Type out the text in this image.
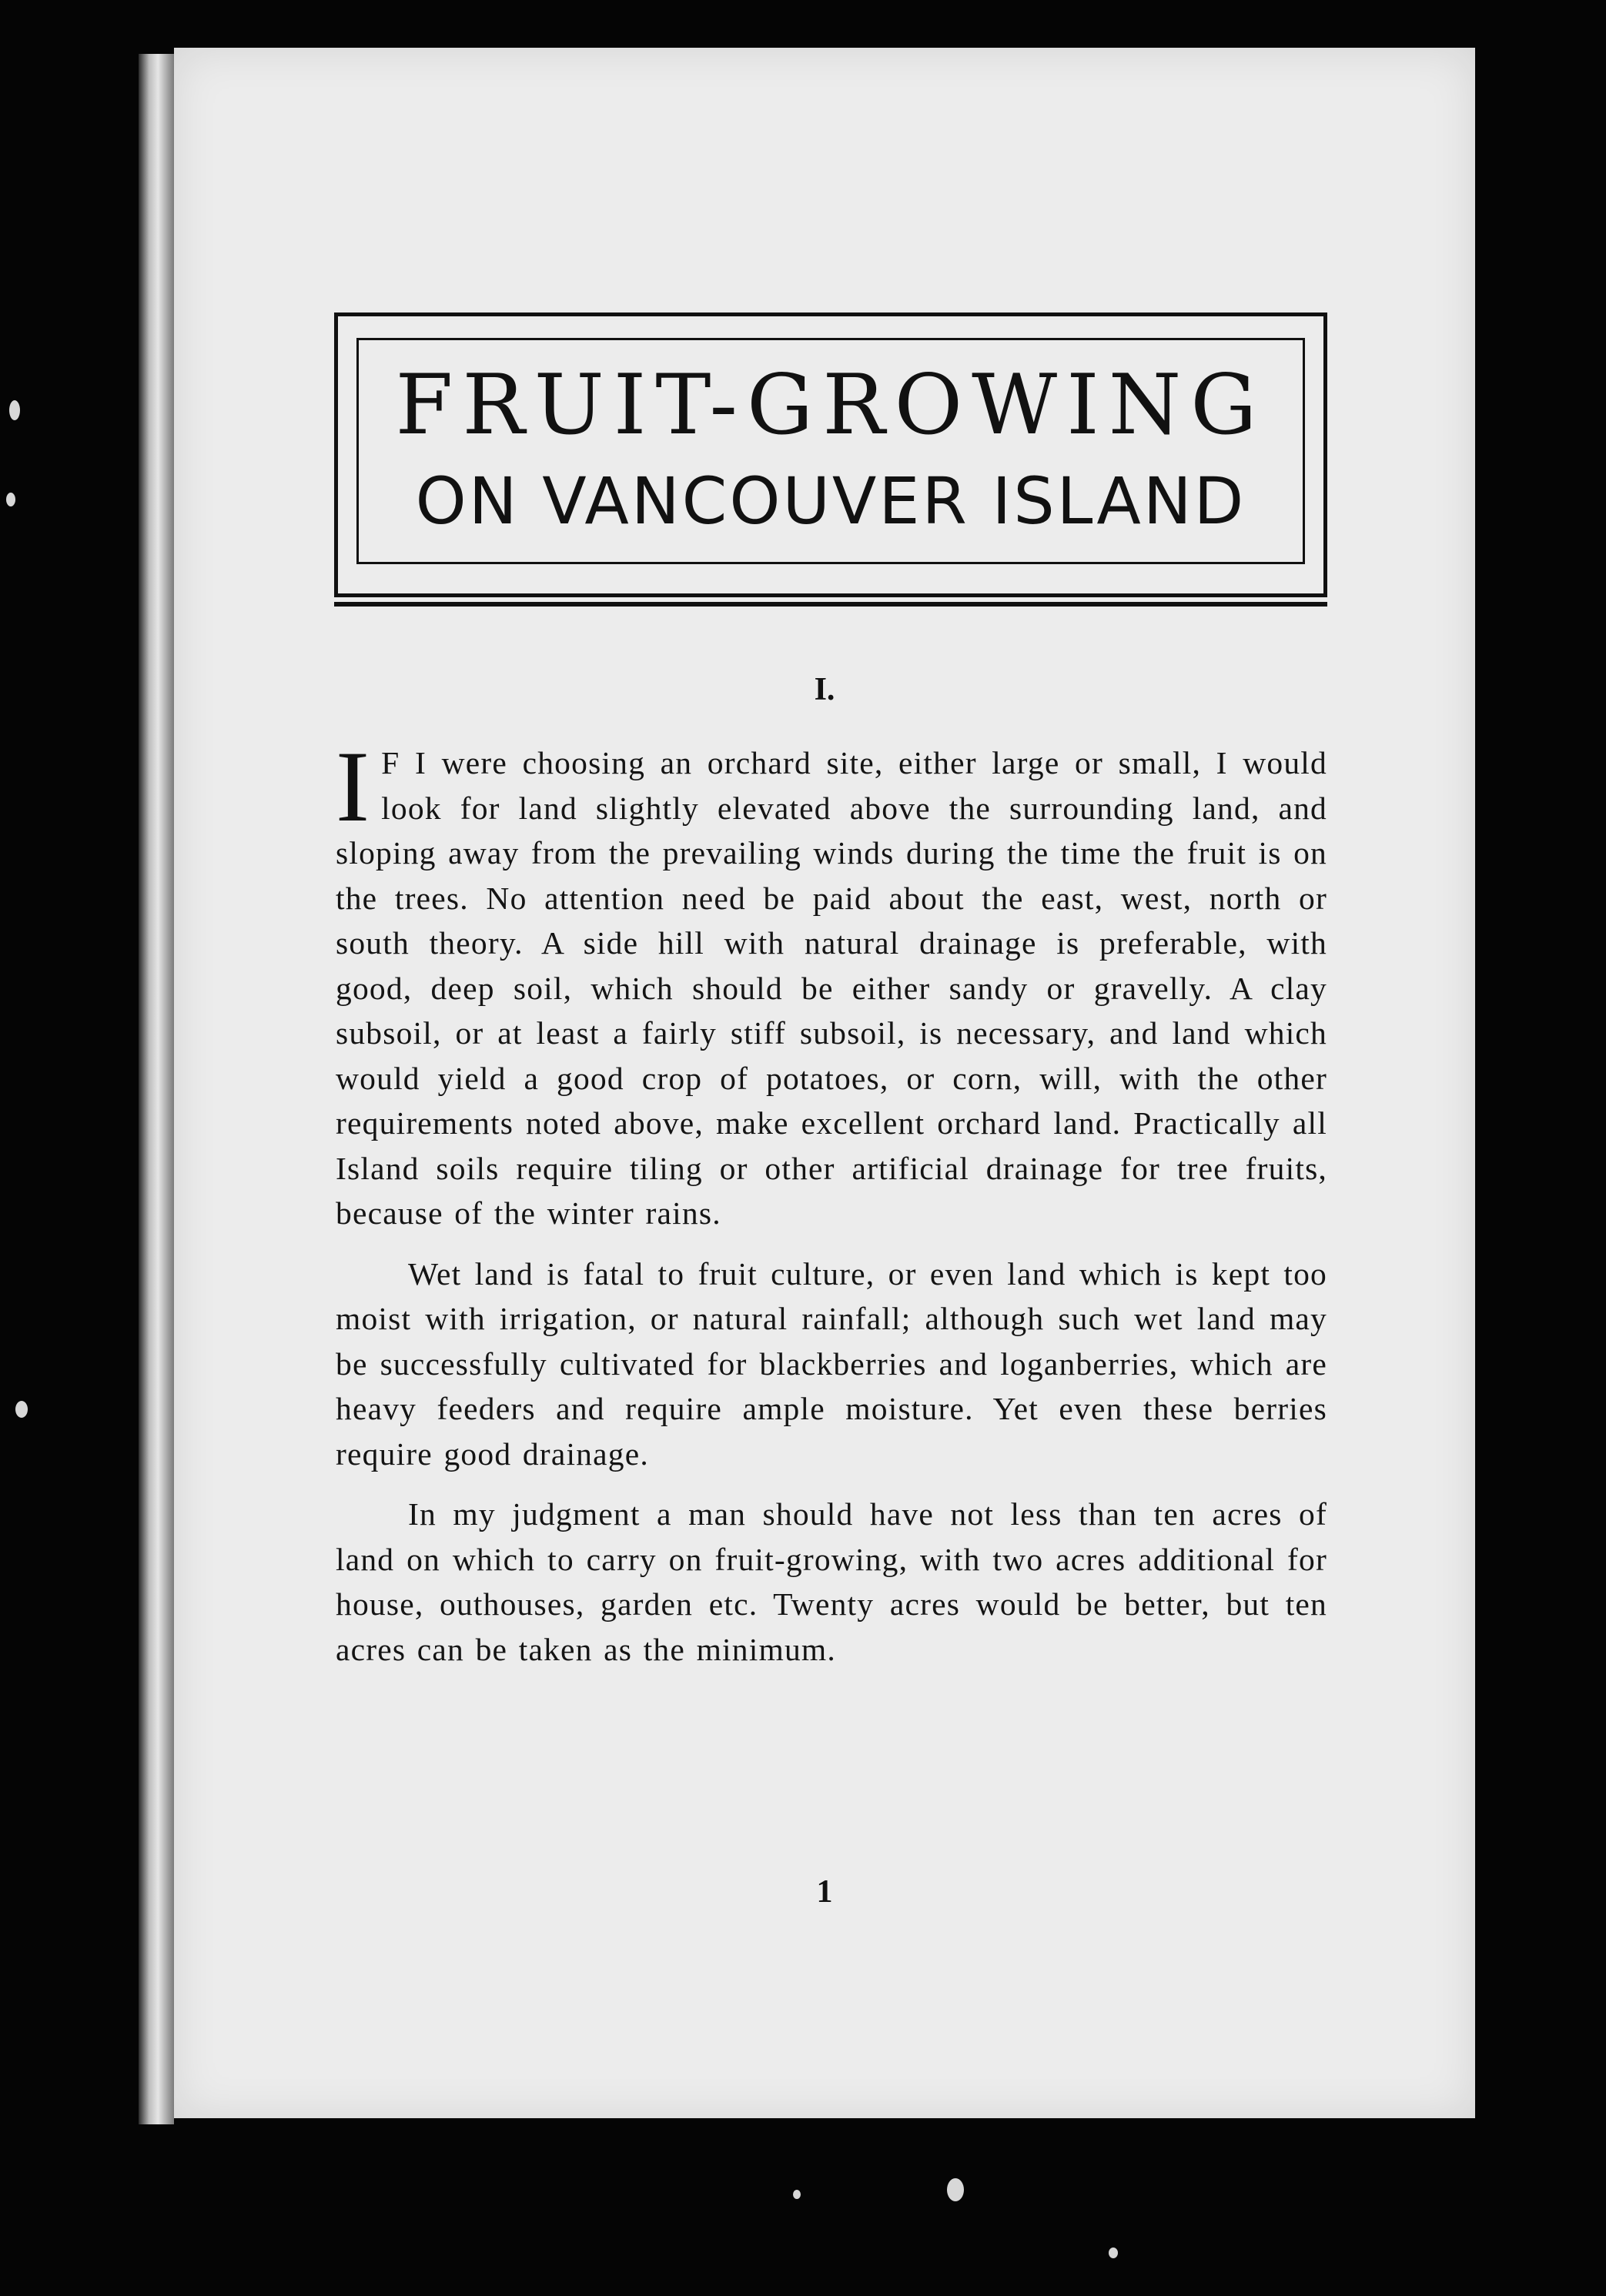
FRUIT-GROWING
ON VANCOUVER ISLAND
I.

I F I were choosing an orchard site, either large or small, I would look for land slightly elevated above the surrounding land, and sloping away from the prevailing winds during the time the fruit is on the trees. No attention need be paid about the east, west, north or south theory. A side hill with natural drainage is preferable, with good, deep soil, which should be either sandy or gravelly. A clay subsoil, or at least a fairly stiff subsoil, is necessary, and land which would yield a good crop of potatoes, or corn, will, with the other requirements noted above, make excellent orchard land. Practically all Island soils require tiling or other artificial drainage for tree fruits, because of the winter rains.

Wet land is fatal to fruit culture, or even land which is kept too moist with irrigation, or natural rainfall; although such wet land may be successfully cultivated for blackberries and loganberries, which are heavy feeders and require ample moisture. Yet even these berries require good drainage.

In my judgment a man should have not less than ten acres of land on which to carry on fruit-growing, with two acres additional for house, outhouses, garden etc. Twenty acres would be better, but ten acres can be taken as the minimum.

1
